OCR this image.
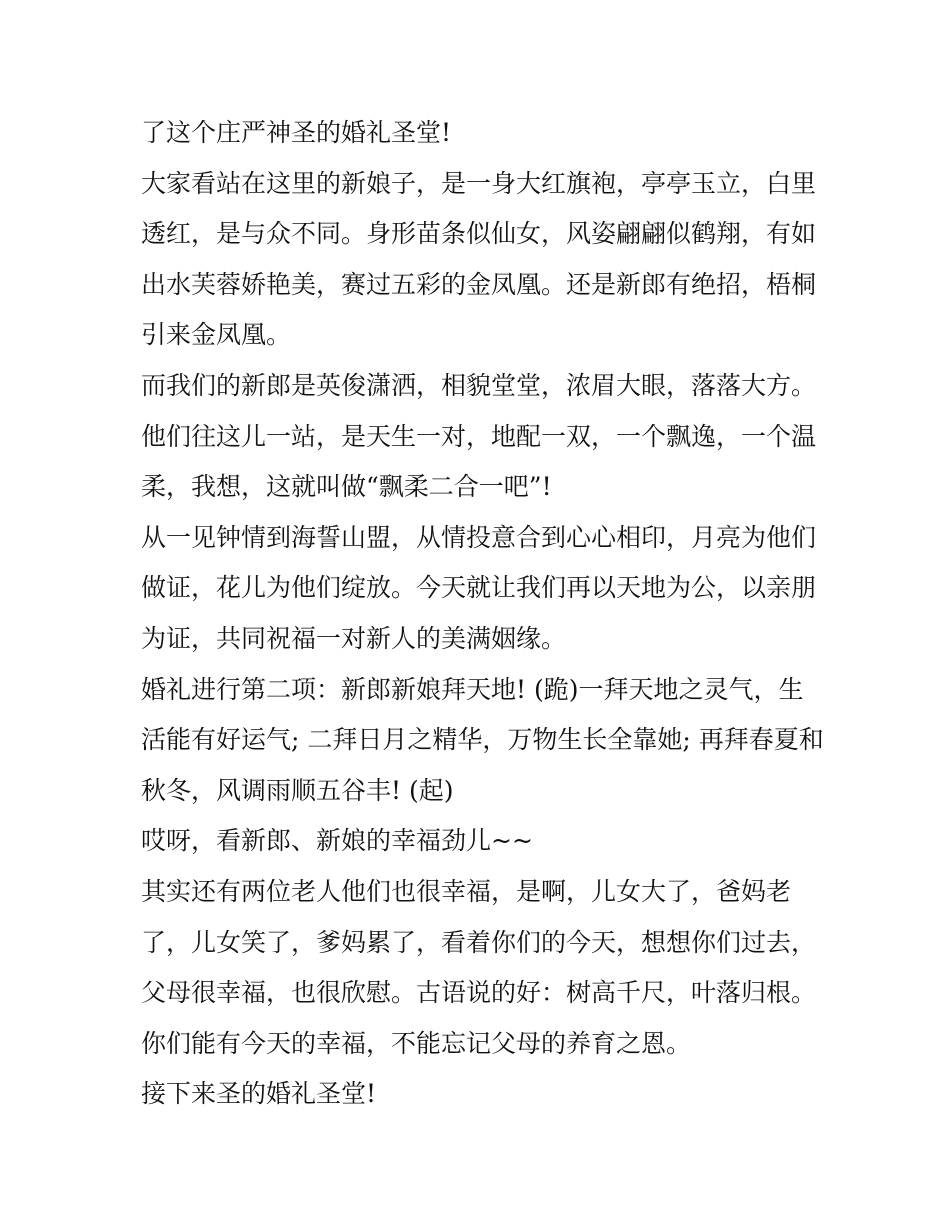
了这个庄严神圣的婚礼圣堂!

大家看站在这里的新娘子，是一身大红旗袍，亭亭玉立，白里
透红，是与众不同。身形苗条似仙女，风姿翩翩似鹤翔，有如
出水芙蓉娇艳美，赛过五彩的金凤凰。还是新郎有绝招，梧桐
引来金凤凰。

而我们的新郎是英俊潇洒，相貌堂堂，浓眉大眼，落落大方。
他们往这儿一站，是天生一对，地配一双，一个飘逸，一个温
柔，我想，这就叫做“飘柔二合一吧”!

从一见钟情到海誓山盟，从情投意合到心心相印，月亮为他们
做证，花儿为他们绽放。今天就让我们再以天地为公，以亲朋
为证，共同祝福一对新人的美满姻缘。

婚礼进行第二项：新郎新娘拜天地! (跪)一拜天地之灵气，生
活能有好运气; 二拜日月之精华，万物生长全靠她; 再拜春夏和
秋冬，风调雨顺五谷丰! (起)

哎呀，看新郎、新娘的幸福劲儿~~

其实还有两位老人他们也很幸福，是啊，儿女大了，爸妈老
了，儿女笑了，爹妈累了，看着你们的今天，想想你们过去，
父母很幸福，也很欣慰。古语说的好：树高千尺，叶落归根。
你们能有今天的幸福，不能忘记父母的养育之恩。

接下来圣的婚礼圣堂!
